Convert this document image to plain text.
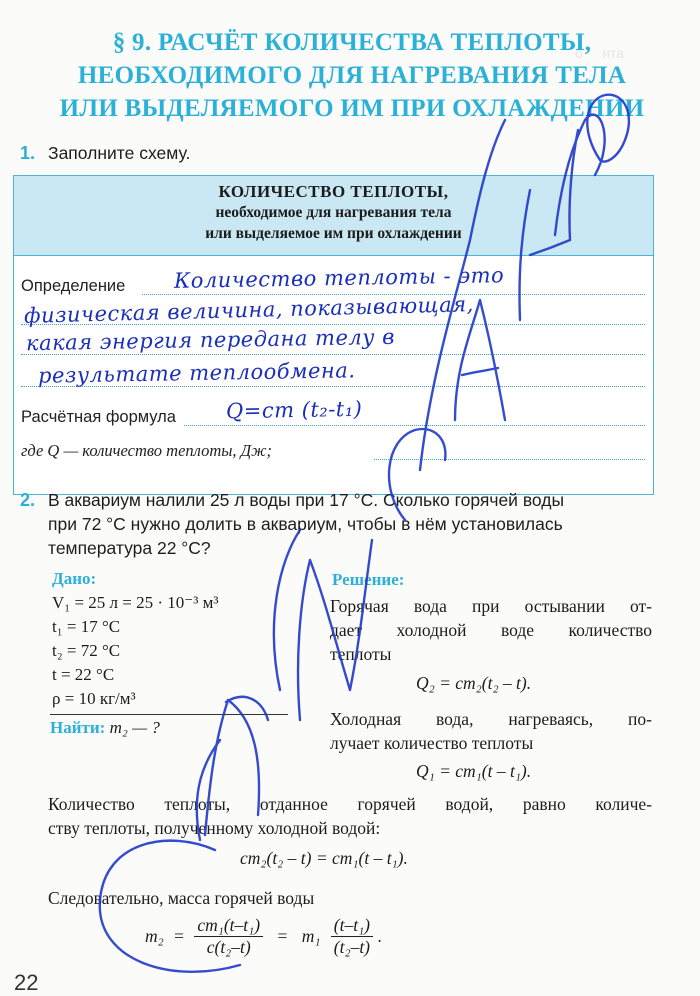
о     нта
§ 9. РАСЧЁТ КОЛИЧЕСТВА ТЕПЛОТЫ,
НЕОБХОДИМОГО ДЛЯ НАГРЕВАНИЯ ТЕЛА
ИЛИ ВЫДЕЛЯЕМОГО ИМ ПРИ ОХЛАЖДЕНИИ
1. Заполните схему.
КОЛИЧЕСТВО ТЕПЛОТЫ,
необходимое для нагревания тела
или выделяемое им при охлаждении
Определение
Расчётная формула
где Q — количество теплоты, Дж;
Количество теплоты - это
физическая величина, показывающая,
какая энергия передана телу в
результате теплообмена.
Q=cm (t₂-t₁)
2. В аквариум налили 25 л воды при 17 °С. Сколько горячей воды
при 72 °С нужно долить в аквариум, чтобы в нём установилась
температура 22 °С?
Дано:
V₁ = 25 л = 25 · 10⁻³ м³
t₁ = 17 °С
t₂ = 72 °С
t = 22 °С
ρ = 10 кг/м³
Найти: m₂ — ?
Решение:
Горячая вода при остывании от-
дает холодной воде количество
теплоты
Q₂ = cm₂(t₂ – t).
Холодная вода, нагреваясь, по-
лучает количество теплоты
Q₁ = cm₁(t – t₁).
Количество теплоты, отданное горячей водой, равно количе-
ству теплоты, полученному холодной водой:
cm₂(t₂ – t) = cm₁(t – t₁).
Следовательно, масса горячей воды
$m_2 = \frac{\text{cm₁(t–t₁)}}{\text{c(t₂–t)}} = m_1 \frac{\text{(t–t₁)}}{\text{(t₂–t)}}$ .
22
